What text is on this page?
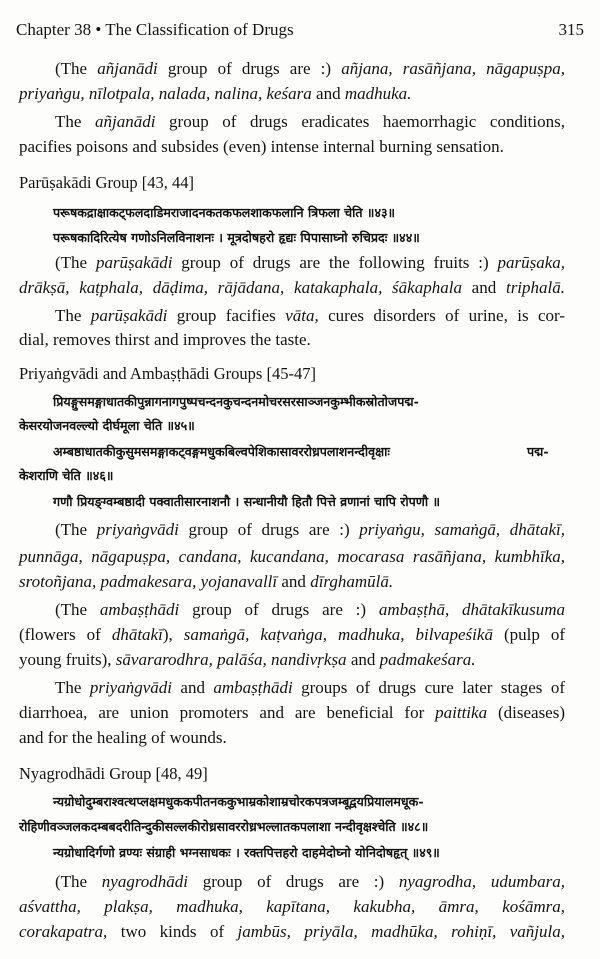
Chapter 38 • The Classification of Drugs	315
(The añjanādi group of drugs are :) añjana, rasāñjana, nāgapuṣpa,
priyaṅgu, nīlotpala, nalada, nalina, keśara and madhuka.
The añjanādi group of drugs eradicates haemorrhagic conditions,
pacifies poisons and subsides (even) intense internal burning sensation.
Parūṣakādi Group [43, 44]
परूषकद्राक्षाकट्फलदाडिमराजादनकतकफलशाकफलानि त्रिफला चेति ॥४३॥
परूषकादिरित्येष गणोऽनिलविनाशनः । मूत्रदोषहरो हृद्यः पिपासाघ्नो रुचिप्रदः ॥४४॥
(The parūṣakādi group of drugs are the following fruits :) parūṣaka,
drākṣā, kaṭphala, dāḍima, rājādana, katakaphala, śākaphala and triphalā.
The parūṣakādi group facifies vāta, cures disorders of urine, is cor-
dial, removes thirst and improves the taste.
Priyaṅgvādi and Ambaṣṭhādi Groups [45-47]
प्रियङ्गुसमङ्गाधातकीपुन्नागनागपुष्पचन्दनकुचन्दनमोचरसरसाञ्जनकुम्भीकस्रोतोजपद्म-
केसरयोजनवल्ल्यो दीर्घमूला चेति ॥४५॥
अम्बष्ठाधातकीकुसुमसमङ्गाकट्वङ्गमधुकबिल्वपेशिकासावररोध्रपलाशनन्दीवृक्षाः	पद्म-
केशराणि चेति ॥४६॥
गणौ प्रियङ्ग्वम्बष्ठादी पक्वातीसारनाशनौ । सन्धानीयौ हितौ पित्ते व्रणानां चापि रोपणौ ॥
(The priyaṅgvādi group of drugs are :) priyaṅgu, samaṅgā, dhātakī,
punnāga, nāgapuṣpa, candana, kucandana, mocarasa rasāñjana, kumbhīka,
srotoñjana, padmakesara, yojanavallī and dīrghamūlā.
(The ambaṣṭhādi group of drugs are :) ambaṣṭhā, dhātakīkusuma
(flowers of dhātakī), samaṅgā, kaṭvaṅga, madhuka, bilvapeśikā (pulp of
young fruits), sāvararodhra, palāśa, nandivṛkṣa and padmakeśara.
The priyaṅgvādi and ambaṣṭhādi groups of drugs cure later stages of
diarrhoea, are union promoters and are beneficial for paittika (diseases)
and for the healing of wounds.
Nyagrodhādi Group [48, 49]
न्यग्रोधोदुम्बराश्वत्थप्लक्षमधुककपीतनककुभाम्रकोशाम्रचोरकपत्रजम्बूद्वयप्रियालमधूक-
रोहिणीवञ्जलकदम्बबदरीतिन्दुकीसल्लकीरोध्रसावररोध्रभल्लातकपलाशा नन्दीवृक्षश्चेति ॥४८॥
न्यग्रोधादिर्गणो व्रण्यः संग्राही भग्नसाधकः । रक्तपित्तहरो दाहमेदोघ्नो योनिदोषहृत् ॥४९॥
(The nyagrodhādi group of drugs are :) nyagrodha, udumbara,
aśvattha, plakṣa, madhuka, kapītana, kakubha, āmra, kośāmra,
corakapatra, two kinds of jambūs, priyāla, madhūka, rohiṇī, vañjula,
